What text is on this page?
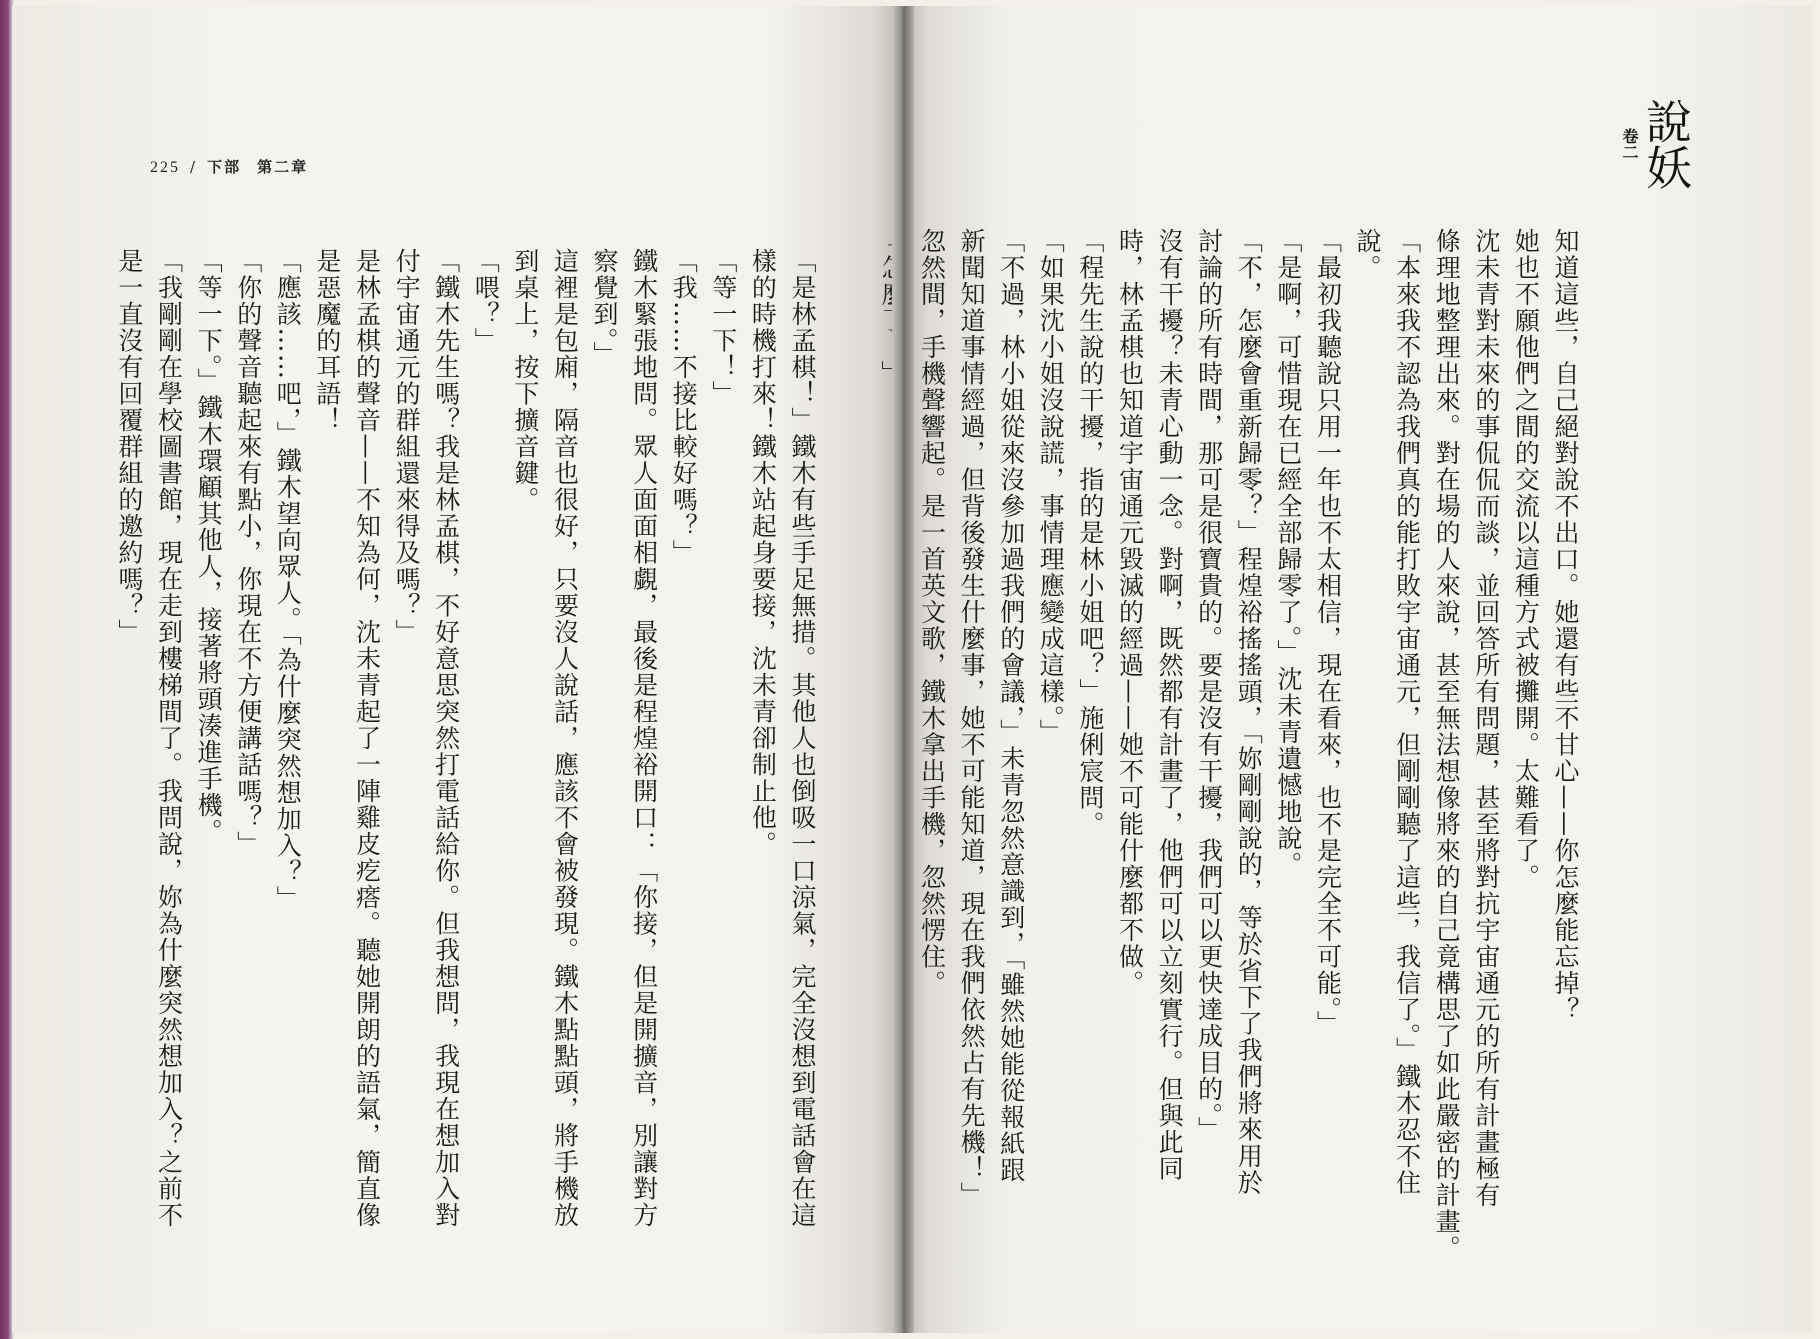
225 / 下部 第二章

「是林孟棋！」鐵木有些手足無措。其他人也倒吸一口涼氣，完全沒想到電話會在這

樣的時機打來！鐵木站起身要接，沈未青卻制止他。

「等一下！」

「我……不接比較好嗎？」

鐵木緊張地問。眾人面面相覷，最後是程煌裕開口：「你接，但是開擴音，別讓對方

察覺到。」

這裡是包廂，隔音也很好，只要沒人說話，應該不會被發現。鐵木點點頭，將手機放

到桌上，按下擴音鍵。

「喂？」

「鐵木先生嗎？我是林孟棋，不好意思突然打電話給你。但我想問，我現在想加入對

付宇宙通元的群組還來得及嗎？」

是林孟棋的聲音——不知為何，沈未青起了一陣雞皮疙瘩。聽她開朗的語氣，簡直像

是惡魔的耳語！

「應該……吧，」鐵木望向眾人。「為什麼突然想加入？」

「你的聲音聽起來有點小，你現在不方便講話嗎？」

「等一下。」鐵木環顧其他人，接著將頭湊進手機。

「我剛剛在學校圖書館，現在走到樓梯間了。我問說，妳為什麼突然想加入？之前不

是一直沒有回覆群組的邀約嗎？」	知道這些，自己絕對說不出口。她還有些不甘心——你怎麼能忘掉？

她也不願他們之間的交流以這種方式被攤開。太難看了。

沈未青對未來的事侃侃而談，並回答所有問題，甚至將對抗宇宙通元的所有計畫極有

條理地整理出來。對在場的人來說，甚至無法想像將來的自己竟構思了如此嚴密的計畫。

「本來我不認為我們真的能打敗宇宙通元，但剛剛聽了這些，我信了。」鐵木忍不住

說。

「最初我聽說只用一年也不太相信，現在看來，也不是完全不可能。」

「是啊，可惜現在已經全部歸零了。」沈未青遺憾地說。

「不，怎麼會重新歸零？」程煌裕搖搖頭，「妳剛剛說的，等於省下了我們將來用於

討論的所有時間，那可是很寶貴的。要是沒有干擾，我們可以更快達成目的。」

沒有干擾？未青心動一念。對啊，既然都有計畫了，他們可以立刻實行。但與此同

時，林孟棋也知道宇宙通元毀滅的經過——她不可能什麼都不做。

「程先生說的干擾，指的是林小姐吧？」施俐宸問。

「如果沈小姐沒說謊，事情理應變成這樣。」

「不過，林小姐從來沒參加過我們的會議，」未青忽然意識到，「雖然她能從報紙跟

新聞知道事情經過，但背後發生什麼事，她不可能知道，現在我們依然占有先機！」

忽然間，手機聲響起。是一首英文歌，鐵木拿出手機，忽然愣住。

說妖
卷二
